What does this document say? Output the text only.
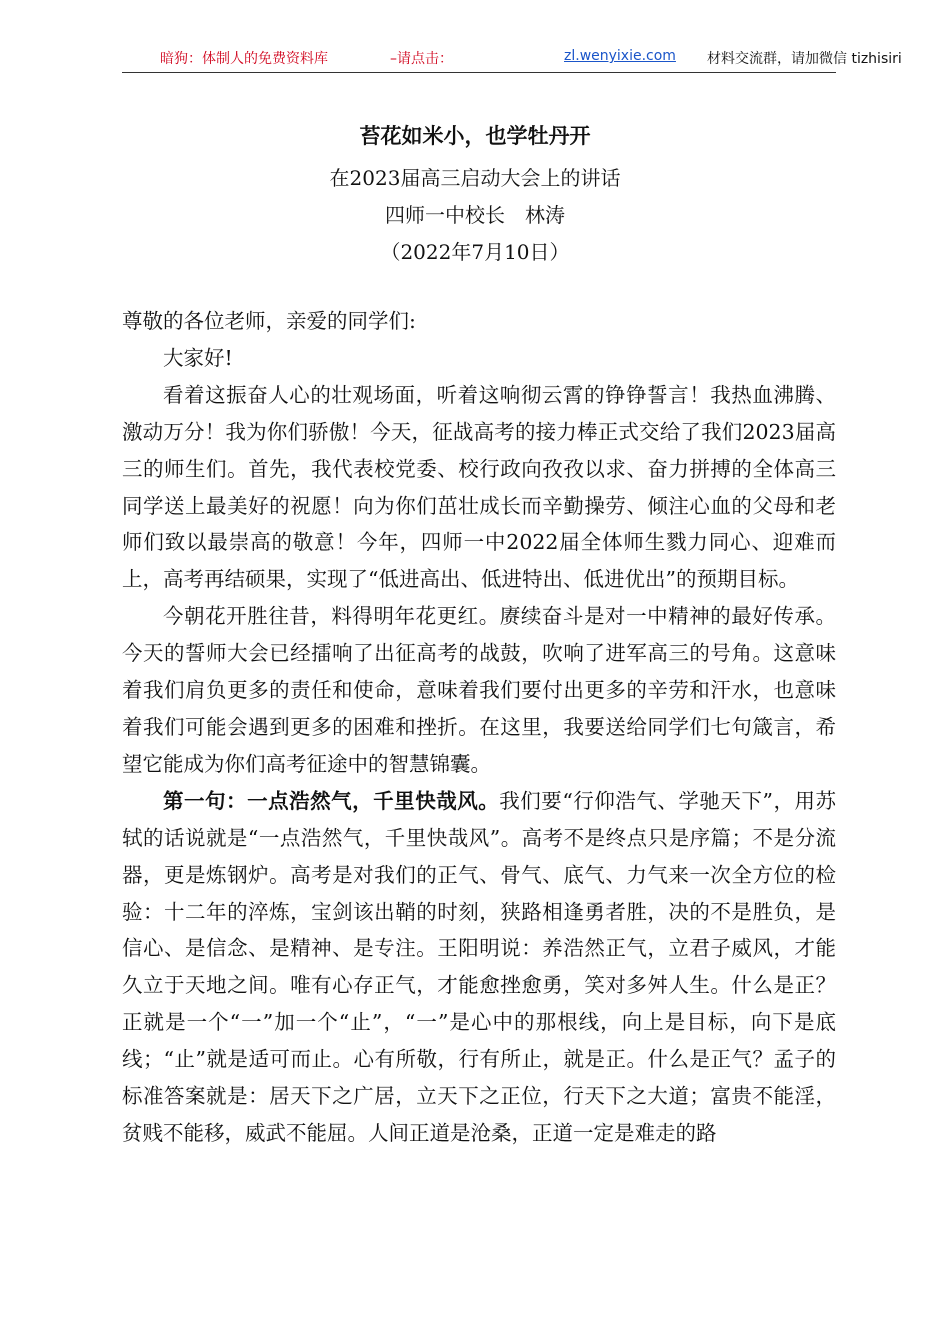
暗狗：体制人的免费资料库	–请点击：	zl.wenyixie.com 材料交流群，请加微信 tizhisiri
苔花如米小，也学牡丹开
在2023届高三启动大会上的讲话
四师一中校长　林涛
（2022年7月10日）

尊敬的各位老师，亲爱的同学们:

大家好!

看着这振奋人心的壮观场面，听着这响彻云霄的铮铮誓言！我热血沸腾、激动万分！我为你们骄傲！今天，征战高考的接力棒正式交给了我们2023届高三的师生们。首先，我代表校党委、校行政向孜孜以求、奋力拼搏的全体高三同学送上最美好的祝愿！向为你们茁壮成长而辛勤操劳、倾注心血的父母和老师们致以最崇高的敬意！今年，四师一中2022届全体师生戮力同心、迎难而上，高考再结硕果，实现了“低进高出、低进特出、低进优出”的预期目标。

今朝花开胜往昔，料得明年花更红。赓续奋斗是对一中精神的最好传承。今天的誓师大会已经擂响了出征高考的战鼓，吹响了进军高三的号角。这意味着我们肩负更多的责任和使命，意味着我们要付出更多的辛劳和汗水，也意味着我们可能会遇到更多的困难和挫折。在这里，我要送给同学们七句箴言，希望它能成为你们高考征途中的智慧锦囊。

第一句：一点浩然气，千里快哉风。我们要“行仰浩气、学驰天下”，用苏轼的话说就是“一点浩然气，千里快哉风”。高考不是终点只是序篇；不是分流器，更是炼钢炉。高考是对我们的正气、骨气、底气、力气来一次全方位的检验：十二年的淬炼，宝剑该出鞘的时刻，狭路相逢勇者胜，决的不是胜负，是信心、是信念、是精神、是专注。王阳明说：养浩然正气，立君子威风，才能久立于天地之间。唯有心存正气，才能愈挫愈勇，笑对多舛人生。什么是正？正就是一个“一”加一个“止”，“一”是心中的那根线，向上是目标，向下是底线；“止”就是适可而止。心有所敬，行有所止，就是正。什么是正气？孟子的标准答案就是：居天下之广居，立天下之正位，行天下之大道；富贵不能淫，贫贱不能移，威武不能屈。人间正道是沧桑，正道一定是难走的路
